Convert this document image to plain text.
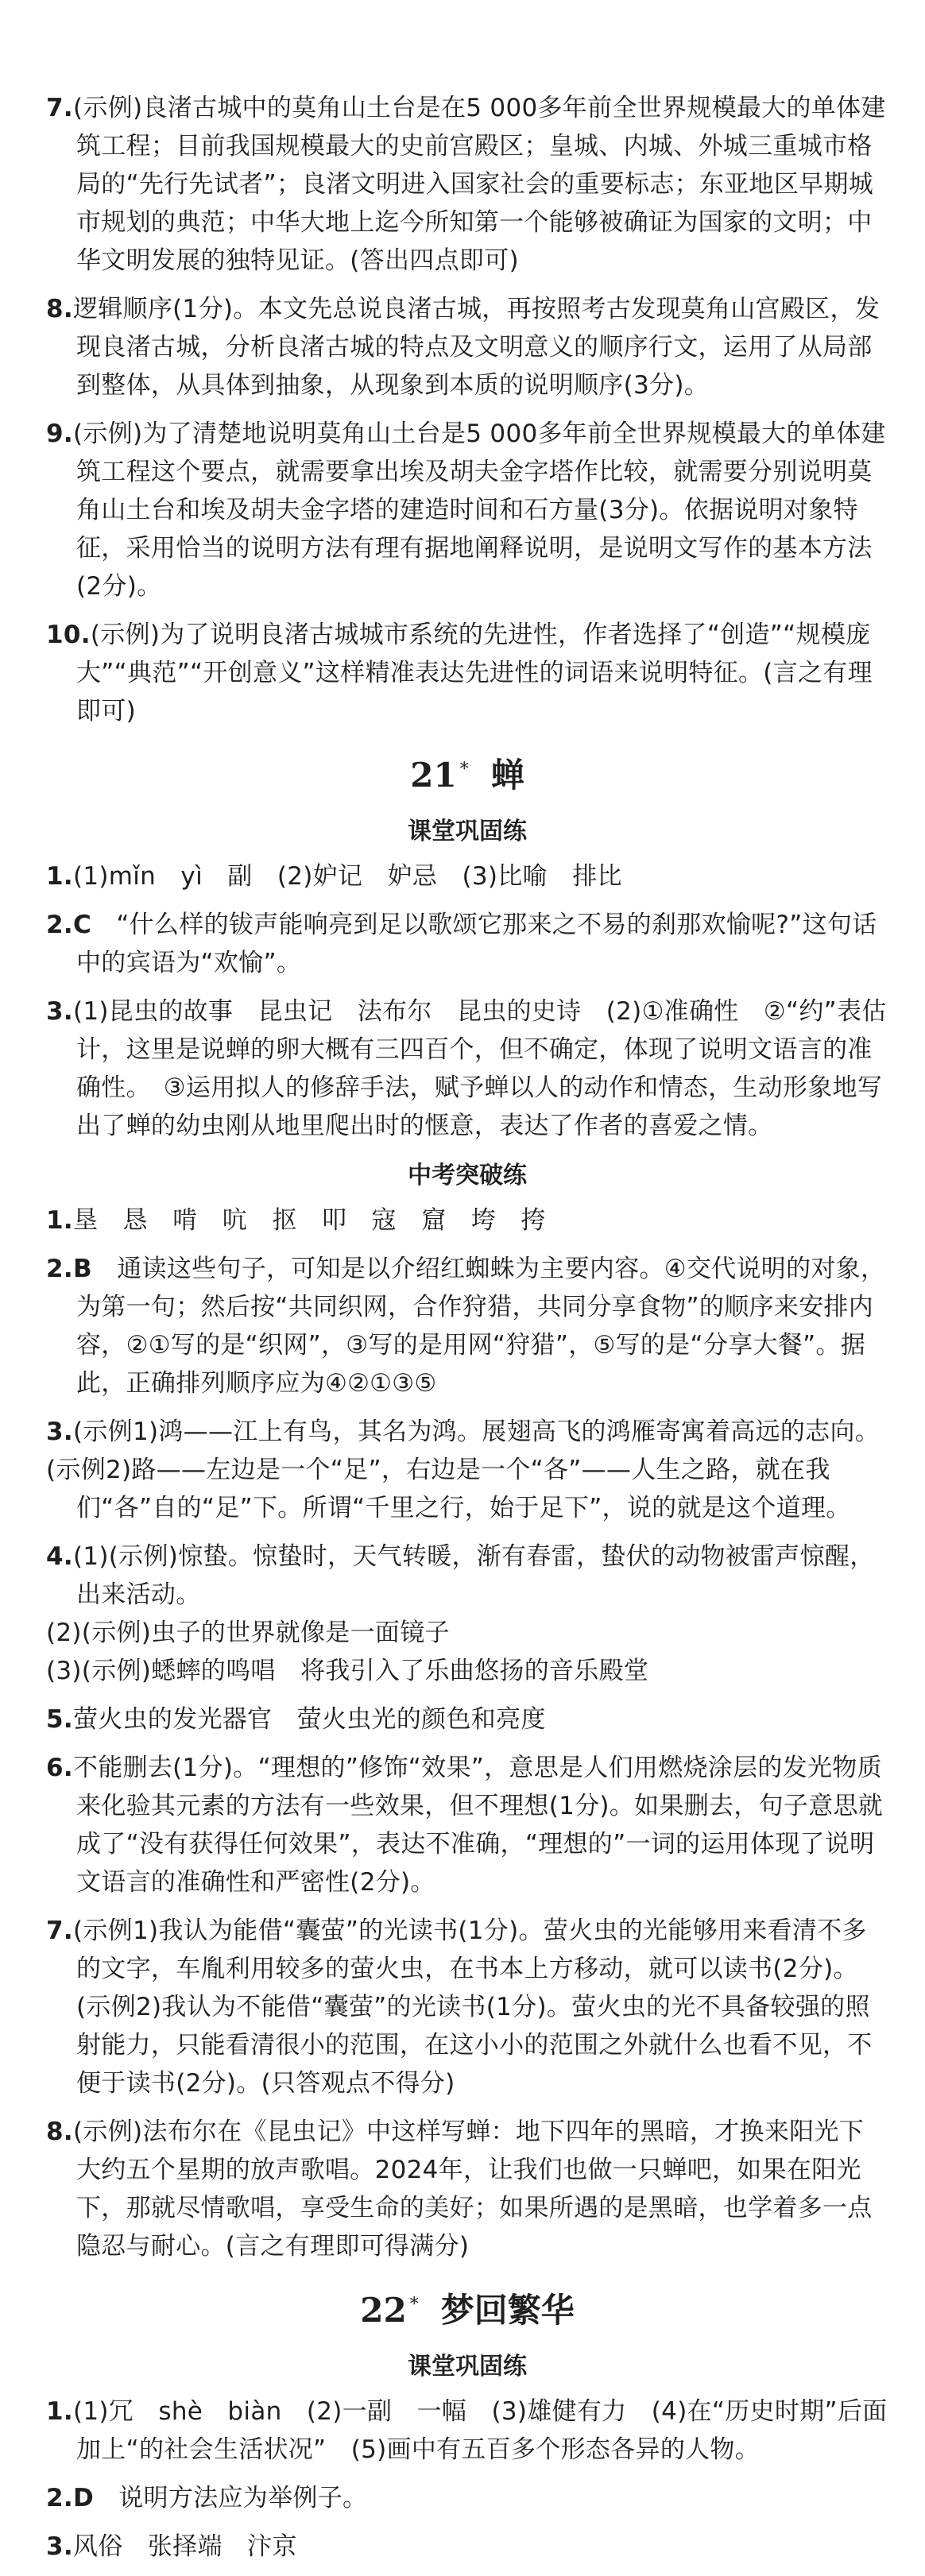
7.(示例)良渚古城中的莫角山土台是在5 000多年前全世界规模最大的单体建筑工程；目前我国规模最大的史前宫殿区；皇城、内城、外城三重城市格局的“先行先试者”；良渚文明进入国家社会的重要标志；东亚地区早期城市规划的典范；中华大地上迄今所知第一个能够被确证为国家的文明；中华文明发展的独特见证。(答出四点即可)
8.逻辑顺序(1分)。本文先总说良渚古城，再按照考古发现莫角山宫殿区，发现良渚古城，分析良渚古城的特点及文明意义的顺序行文，运用了从局部到整体，从具体到抽象，从现象到本质的说明顺序(3分)。
9.(示例)为了清楚地说明莫角山土台是5 000多年前全世界规模最大的单体建筑工程这个要点，就需要拿出埃及胡夫金字塔作比较，就需要分别说明莫角山土台和埃及胡夫金字塔的建造时间和石方量(3分)。依据说明对象特征，采用恰当的说明方法有理有据地阐释说明，是说明文写作的基本方法(2分)。
10.(示例)为了说明良渚古城城市系统的先进性，作者选择了“创造”“规模庞大”“典范”“开创意义”这样精准表达先进性的词语来说明特征。(言之有理即可)
21 * 蝉
课堂巩固练
1.(1)mǐn　yì　副　(2)妒记　妒忌　(3)比喻　排比
2.C　“什么样的钹声能响亮到足以歌颂它那来之不易的刹那欢愉呢?”这句话中的宾语为“欢愉”。
3.(1)昆虫的故事　昆虫记　法布尔　昆虫的史诗　(2)①准确性　②“约”表估计，这里是说蝉的卵大概有三四百个，但不确定，体现了说明文语言的准确性。　③运用拟人的修辞手法，赋予蝉以人的动作和情态，生动形象地写出了蝉的幼虫刚从地里爬出时的惬意，表达了作者的喜爱之情。
中考突破练
1.垦　恳　啃　吭　抠　叩　寇　窟　垮　挎
2.B　通读这些句子，可知是以介绍红蜘蛛为主要内容。④交代说明的对象，为第一句；然后按“共同织网，合作狩猎，共同分享食物”的顺序来安排内容，②①写的是“织网”，③写的是用网“狩猎”，⑤写的是“分享大餐”。据此，正确排列顺序应为④②①③⑤
3.(示例1)鸿——江上有鸟，其名为鸿。展翅高飞的鸿雁寄寓着高远的志向。
(示例2)路——左边是一个“足”，右边是一个“各”——人生之路，就在我们“各”自的“足”下。所谓“千里之行，始于足下”，说的就是这个道理。
4.(1)(示例)惊蛰。惊蛰时，天气转暖，渐有春雷，蛰伏的动物被雷声惊醒，出来活动。
(2)(示例)虫子的世界就像是一面镜子
(3)(示例)蟋蟀的鸣唱　将我引入了乐曲悠扬的音乐殿堂
5.萤火虫的发光器官　萤火虫光的颜色和亮度
6.不能删去(1分)。“理想的”修饰“效果”，意思是人们用燃烧涂层的发光物质来化验其元素的方法有一些效果，但不理想(1分)。如果删去，句子意思就成了“没有获得任何效果”，表达不准确，“理想的”一词的运用体现了说明文语言的准确性和严密性(2分)。
7.(示例1)我认为能借“囊萤”的光读书(1分)。萤火虫的光能够用来看清不多的文字，车胤利用较多的萤火虫，在书本上方移动，就可以读书(2分)。　(示例2)我认为不能借“囊萤”的光读书(1分)。萤火虫的光不具备较强的照射能力，只能看清很小的范围，在这小小的范围之外就什么也看不见，不便于读书(2分)。(只答观点不得分)
8.(示例)法布尔在《昆虫记》中这样写蝉：地下四年的黑暗，才换来阳光下大约五个星期的放声歌唱。2024年，让我们也做一只蝉吧，如果在阳光下，那就尽情歌唱，享受生命的美好；如果所遇的是黑暗，也学着多一点隐忍与耐心。(言之有理即可得满分)
22 * 梦回繁华
课堂巩固练
1.(1)冗　shè　biàn　(2)一副　一幅　(3)雄健有力　(4)在“历史时期”后面加上“的社会生活状况”　(5)画中有五百多个形态各异的人物。
2.D　说明方法应为举例子。
3.风俗　张择端　汴京
